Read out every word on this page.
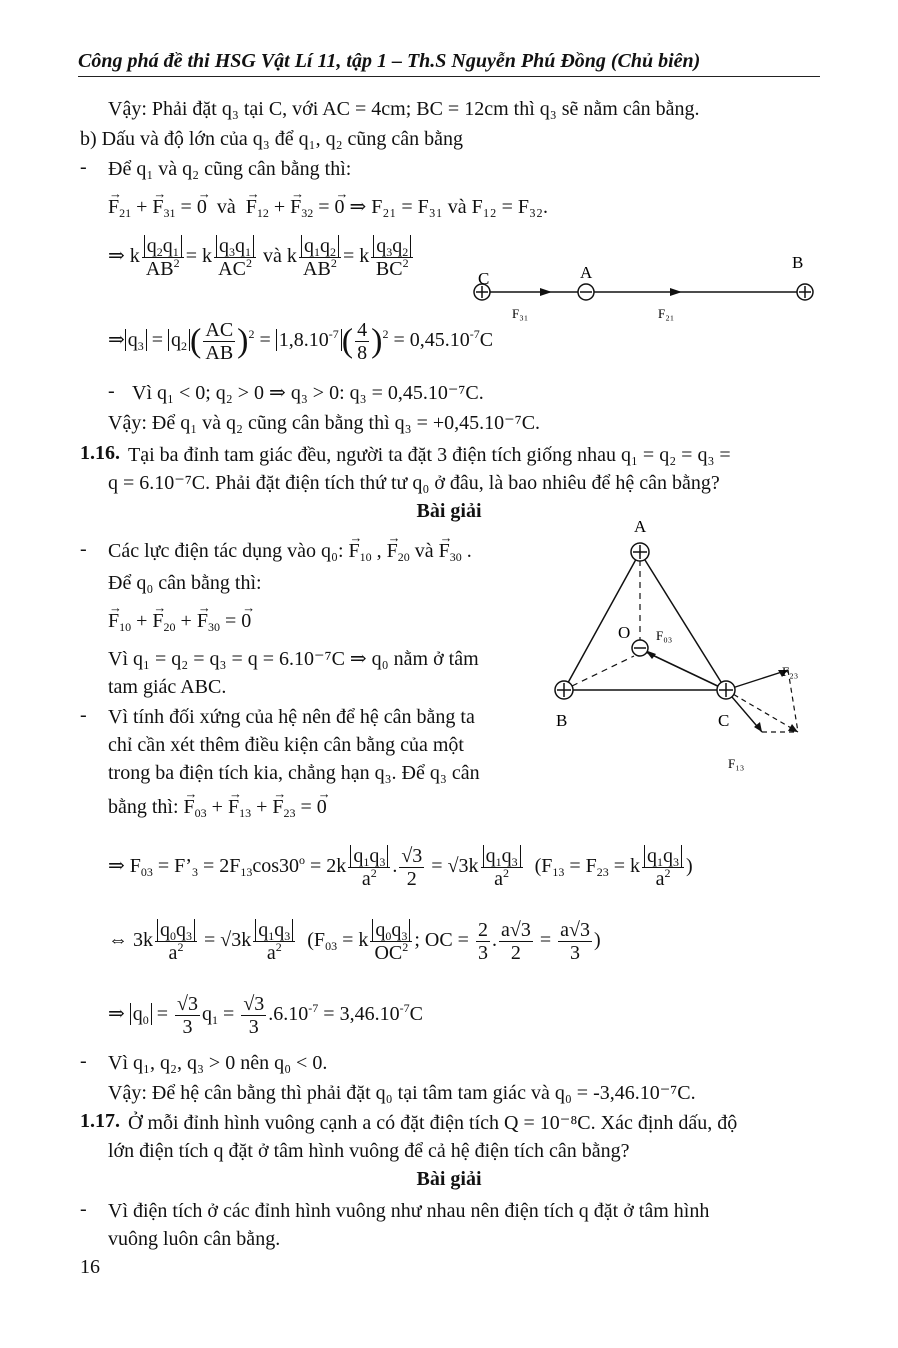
Công phá đề thi HSG Vật Lí 11, tập 1 – Th.S Nguyễn Phú Đồng (Chủ biên)
Vậy: Phải đặt q₃ tại C, với AC = 4cm; BC = 12cm thì q₃ sẽ nằm cân bằng.
b) Dấu và độ lớn của q₃ để q₁, q₂ cũng cân bằng
- Để q₁ và q₂ cũng cân bằng thì:
→ $F_{21}$ + → $F_{31}$ = → 0  và  → $F_{12}$ + → $F_{32}$ = → 0 ⇒ F₂₁ = F₃₁ và F₁₂ = F₃₂.
⇒ k $\frac{q_2q_1}{AB^2} = k \frac{q_3q_1}{AC^2}$ và k $\frac{q_1q_2}{AB^2} = k \frac{q_3q_2}{BC^2}$
⇒ $q_3 = q_2( \frac{AC}{AB} )^2 = 1,8.10^{-7}( \frac{4}{8} )^2 = 0,45.10^{-7}C$
C	A
B
F₃₁	F₂₁
- Vì q₁ < 0; q₂ > 0 ⇒ q₃ > 0: q₃ = 0,45.10⁻⁷C.
Vậy: Để q₁ và q₂ cũng cân bằng thì q₃ = +0,45.10⁻⁷C.
1.16. Tại ba đỉnh tam giác đều, người ta đặt 3 điện tích giống nhau q₁ = q₂ = q₃ =
q = 6.10⁻⁷C. Phải đặt điện tích thứ tư q₀ ở đâu, là bao nhiêu để hệ cân bằng?
Bài giải
- Các lực điện tác dụng vào q₀: → $F_{10}$ , → $F_{20}$ và → $F_{30}$ .
Để q₀ cân bằng thì:
→ $F_{10}$ + → $F_{20}$ + → $F_{30}$ = → 0
Vì q₁ = q₂ = q₃ = q = 6.10⁻⁷C ⇒ q₀ nằm ở tâm
tam giác ABC.
- Vì tính đối xứng của hệ nên để hệ cân bằng ta
chỉ cần xét thêm điều kiện cân bằng của một
trong ba điện tích kia, chẳng hạn q₃. Để q₃ cân
bằng thì: → $F_{03}$ + → $F_{13}$ + → $F_{23}$ = → 0
A
B	C
O F₀₃
F₂₃
F₁₃
⇒ $F_{03}$ = $F’_3 = 2F_{13}\cos 30^o = 2k \frac{q_1q_3}{a^2}$ . $\frac{√3}{2} = √3k \frac{q_1q_3}{a^2} (F_{13} = F_{23} = k \frac{q_1q_3}{a^2}$ )
⇔ $3k \frac{q_0q_3}{a^2} = √3k \frac{q_1q_3}{a^2} (F_{03} = k \frac{q_0q_3}{OC^2}$ ; OC = $\frac{2}{3}$ . $\frac{a√3}{2} = \frac{a√3}{3}$ )
⇒ $q_0 = \frac{√3}{3} q_1 = \frac{√3}{3} .6.10^{-7} = 3,46.10^{-7}C$
- Vì q₁, q₂, q₃ > 0 nên q₀ < 0.
Vậy: Để hệ cân bằng thì phải đặt q₀ tại tâm tam giác và q₀ = -3,46.10⁻⁷C.
1.17. Ở mỗi đỉnh hình vuông cạnh a có đặt điện tích Q = 10⁻⁸C. Xác định dấu, độ
lớn điện tích q đặt ở tâm hình vuông để cả hệ điện tích cân bằng?
Bài giải
- Vì điện tích ở các đỉnh hình vuông như nhau nên điện tích q đặt ở tâm hình
vuông luôn cân bằng.
16
